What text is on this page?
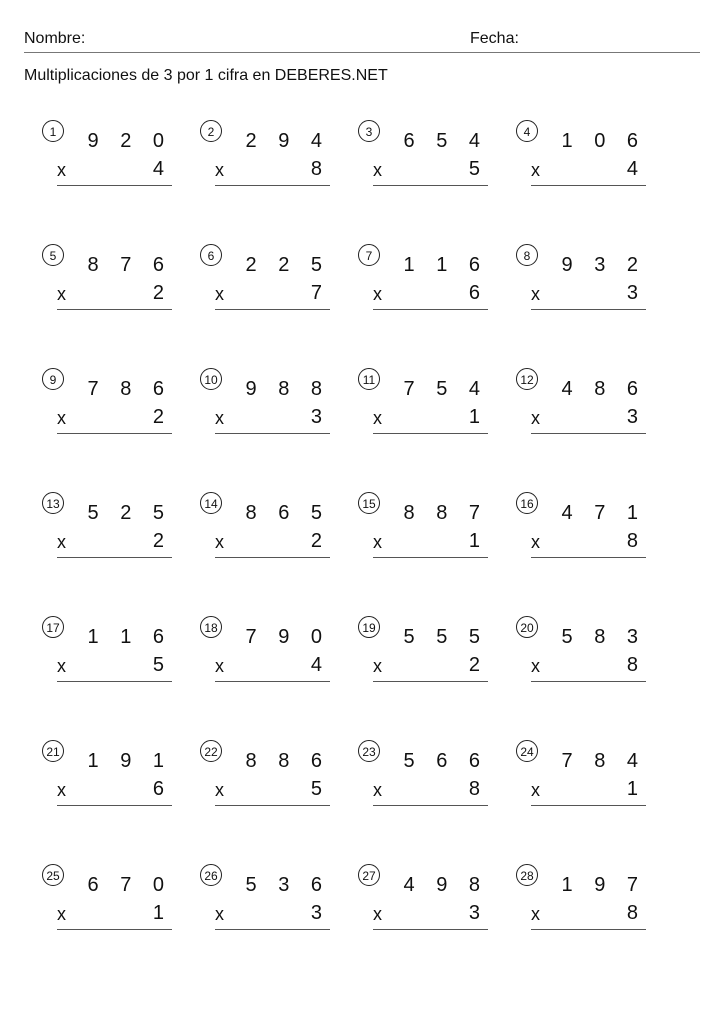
Nombre:	Fecha:
Multiplicaciones de 3 por 1 cifra en DEBERES.NET
1	9 2 0
x	4
2	2 9 4
x	8
3	6 5 4
x	5
4	1 0 6
x	4
5	8 7 6
x	2
6	2 2 5
x	7
7	1 1 6
x	6
8	9 3 2
x	3
9	7 8 6
x	2
10 9 8 8
x	3
11 7 5 4
x	1
12 4 8 6
x	3
13 5 2 5
x	2
14 8 6 5
x	2
15 8 8 7
x	1
16 4 7 1
x	8
17 1 1 6
x	5
18 7 9 0
x	4
19 5 5 5
x	2
20 5 8 3
x	8
21 1 9 1
x	6
22 8 8 6
x	5
23 5 6 6
x	8
24 7 8 4
x	1
25 6 7 0
x	1
26 5 3 6
x	3
27 4 9 8
x	3
28 1 9 7
x	8
